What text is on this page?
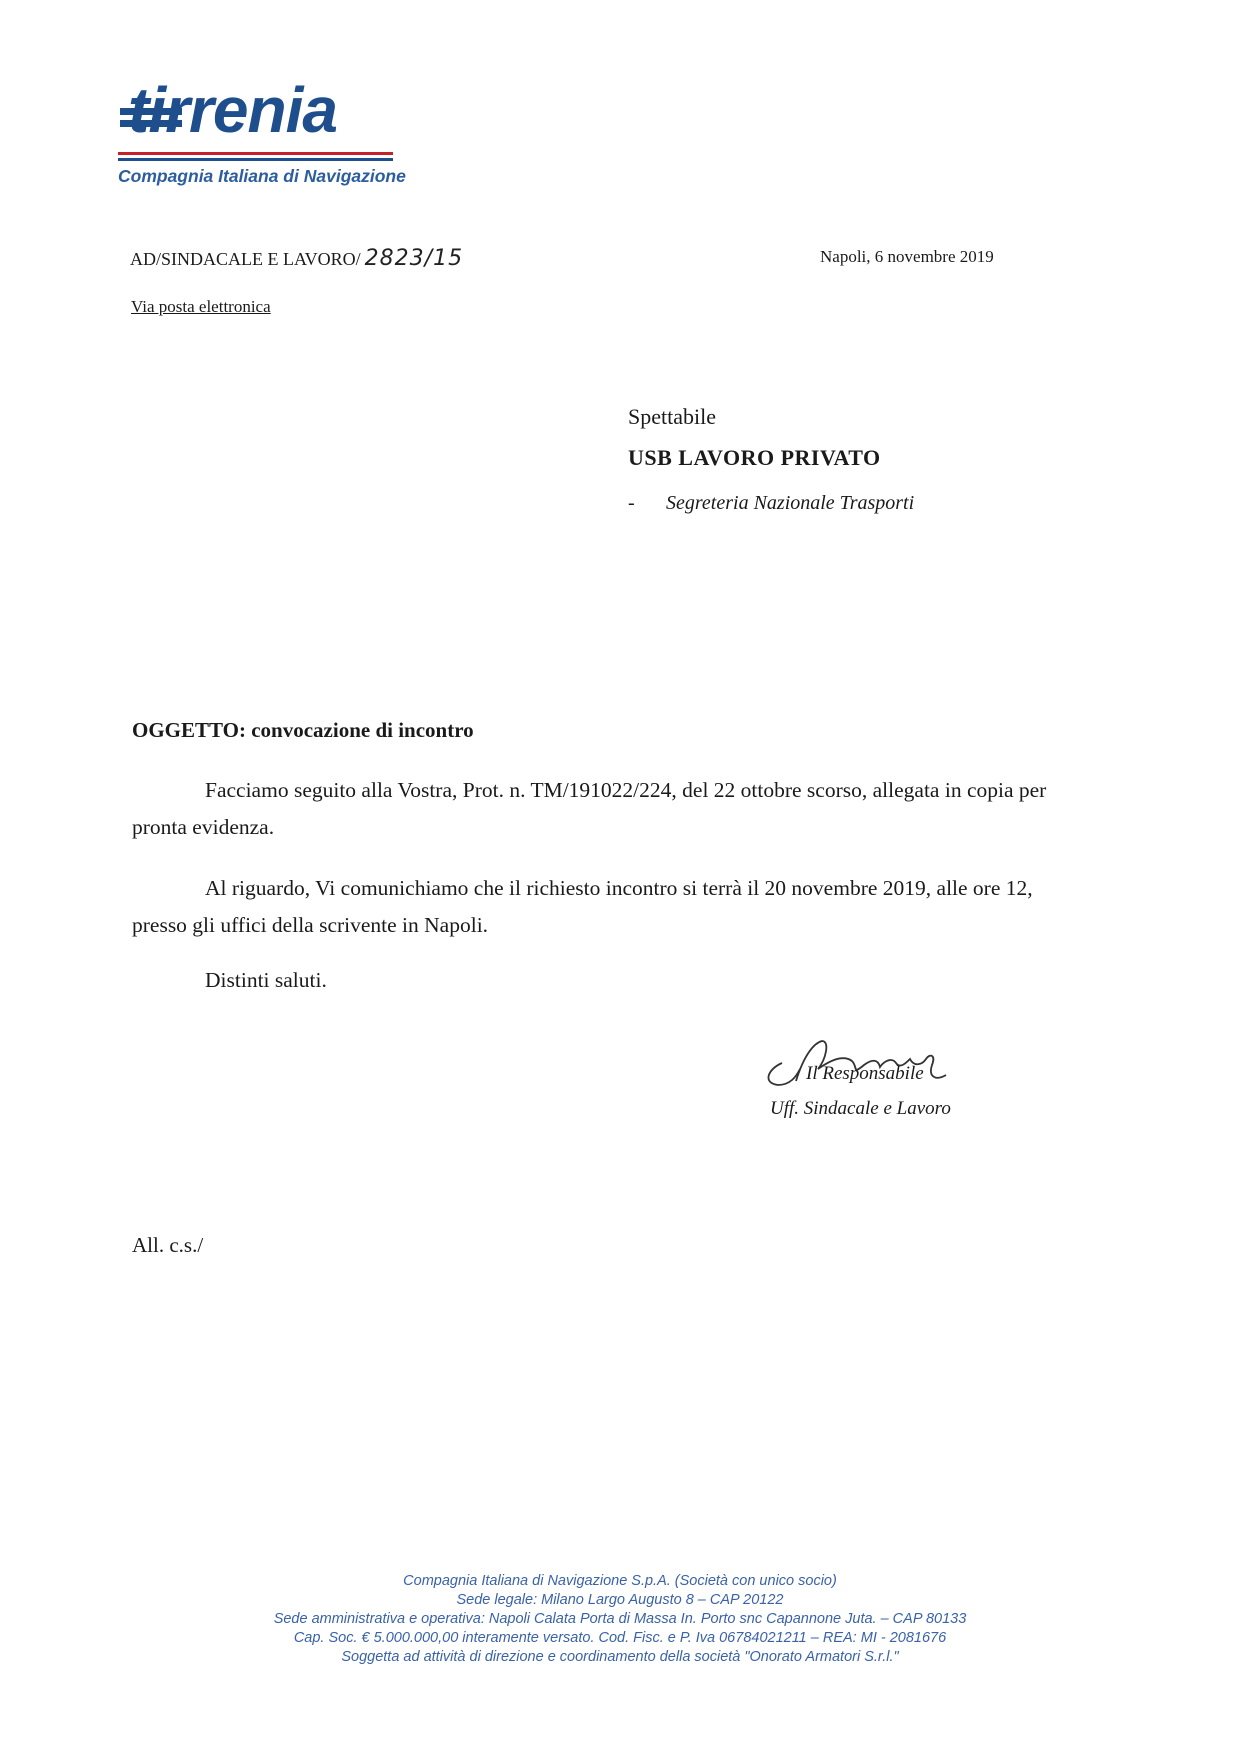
tirrenia
Compagnia Italiana di Navigazione
AD/SINDACALE E LAVORO/ 2823/15	Napoli, 6 novembre 2019
Via posta elettronica
Spettabile
USB LAVORO PRIVATO
- Segreteria Nazionale Trasporti
OGGETTO: convocazione di incontro

Facciamo seguito alla Vostra, Prot. n. TM/191022/224, del 22 ottobre scorso, allegata in copia per pronta evidenza.

Al riguardo, Vi comunichiamo che il richiesto incontro si terrà il 20 novembre 2019, alle ore 12, presso gli uffici della scrivente in Napoli.

Distinti saluti.
Il Responsabile
Uff. Sindacale e Lavoro
All. c.s./
Compagnia Italiana di Navigazione S.p.A. (Società con unico socio)
Sede legale: Milano Largo Augusto 8 – CAP 20122
Sede amministrativa e operativa: Napoli Calata Porta di Massa In. Porto snc Capannone Juta. – CAP 80133
Cap. Soc. € 5.000.000,00 interamente versato. Cod. Fisc. e P. Iva 06784021211 – REA: MI - 2081676
Soggetta ad attività di direzione e coordinamento della società "Onorato Armatori S.r.l."
